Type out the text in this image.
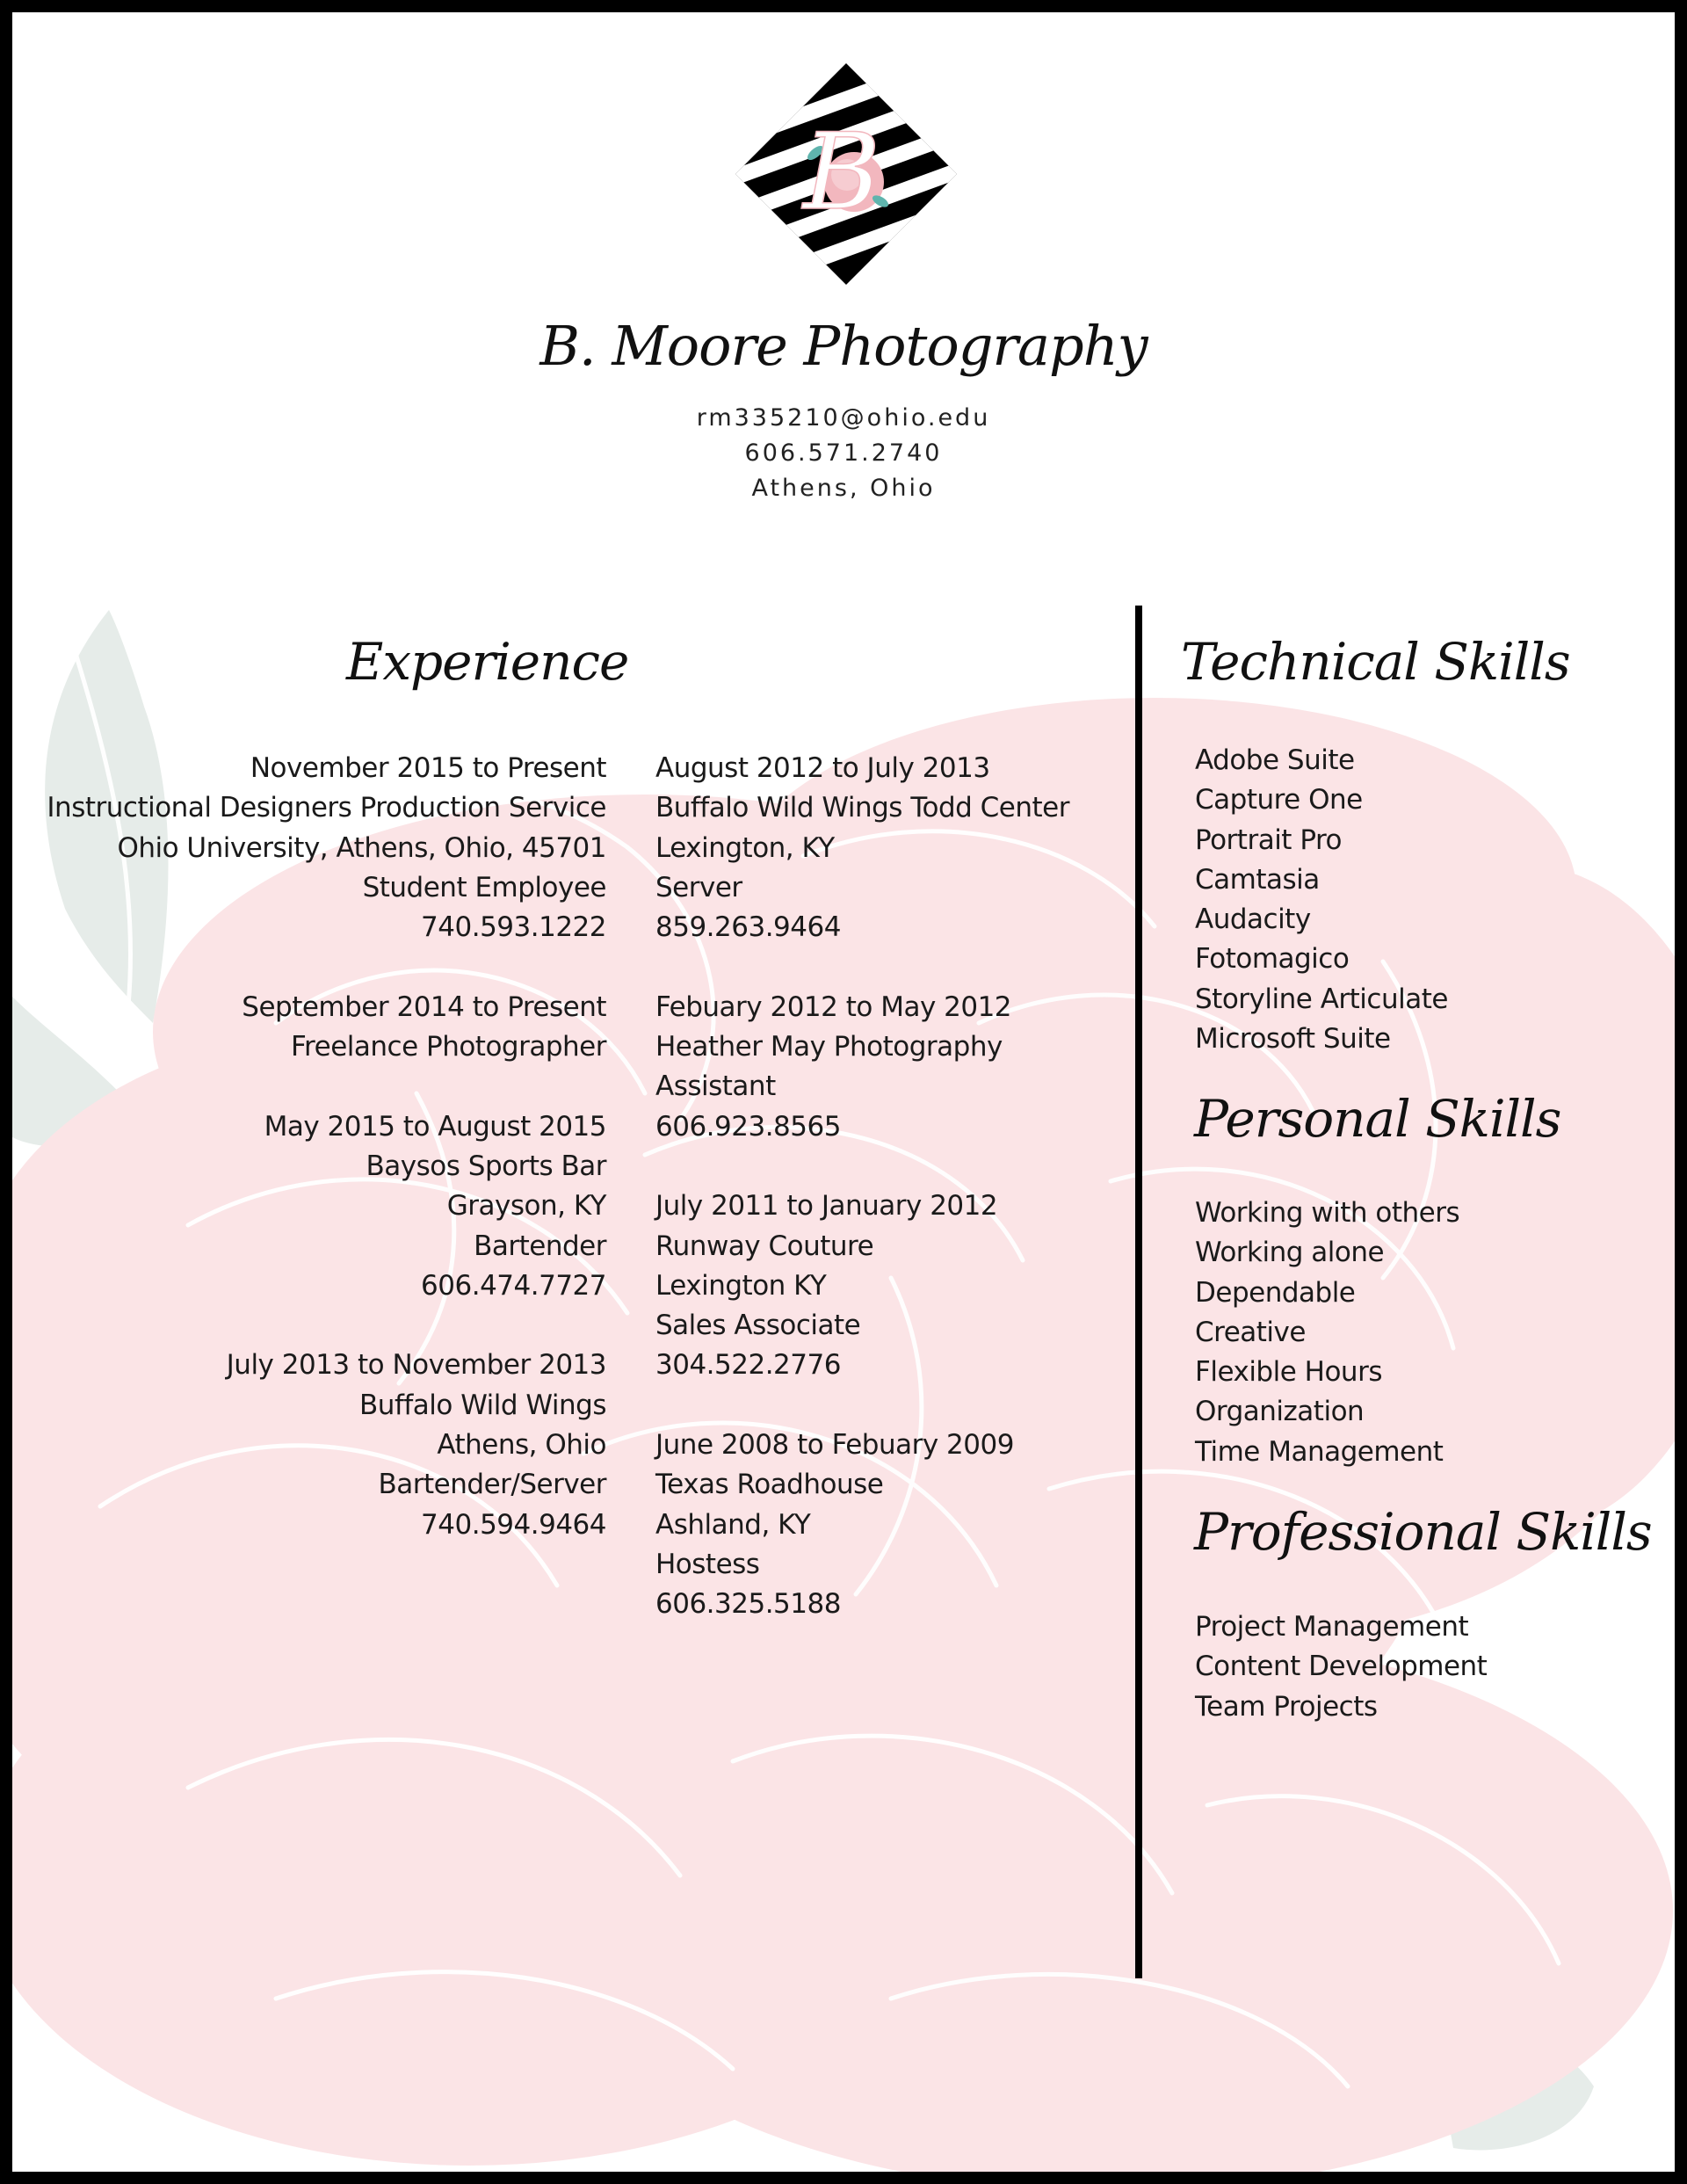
B
B. Moore Photography
rm335210@ohio.edu
606.571.2740
Athens, Ohio
Experience
November 2015 to Present
Instructional Designers Production Service
Ohio University, Athens, Ohio, 45701
Student Employee
740.593.1222
September 2014 to Present
Freelance Photographer
May 2015 to August 2015
Baysos Sports Bar
Grayson, KY
Bartender
606.474.7727
July 2013 to November 2013
Buffalo Wild Wings
Athens, Ohio
Bartender/Server
740.594.9464
August 2012 to July 2013
Buffalo Wild Wings Todd Center
Lexington, KY
Server
859.263.9464
Febuary 2012 to May 2012
Heather May Photography
Assistant
606.923.8565
July 2011 to January 2012
Runway Couture
Lexington KY
Sales Associate
304.522.2776
June 2008 to Febuary 2009
Texas Roadhouse
Ashland, KY
Hostess
606.325.5188
Technical Skills
Adobe Suite
Capture One
Portrait Pro
Camtasia
Audacity
Fotomagico
Storyline Articulate
Microsoft Suite
Personal Skills
Working with others
Working alone
Dependable
Creative
Flexible Hours
Organization
Time Management
Professional Skills
Project Management
Content Development
Team Projects
